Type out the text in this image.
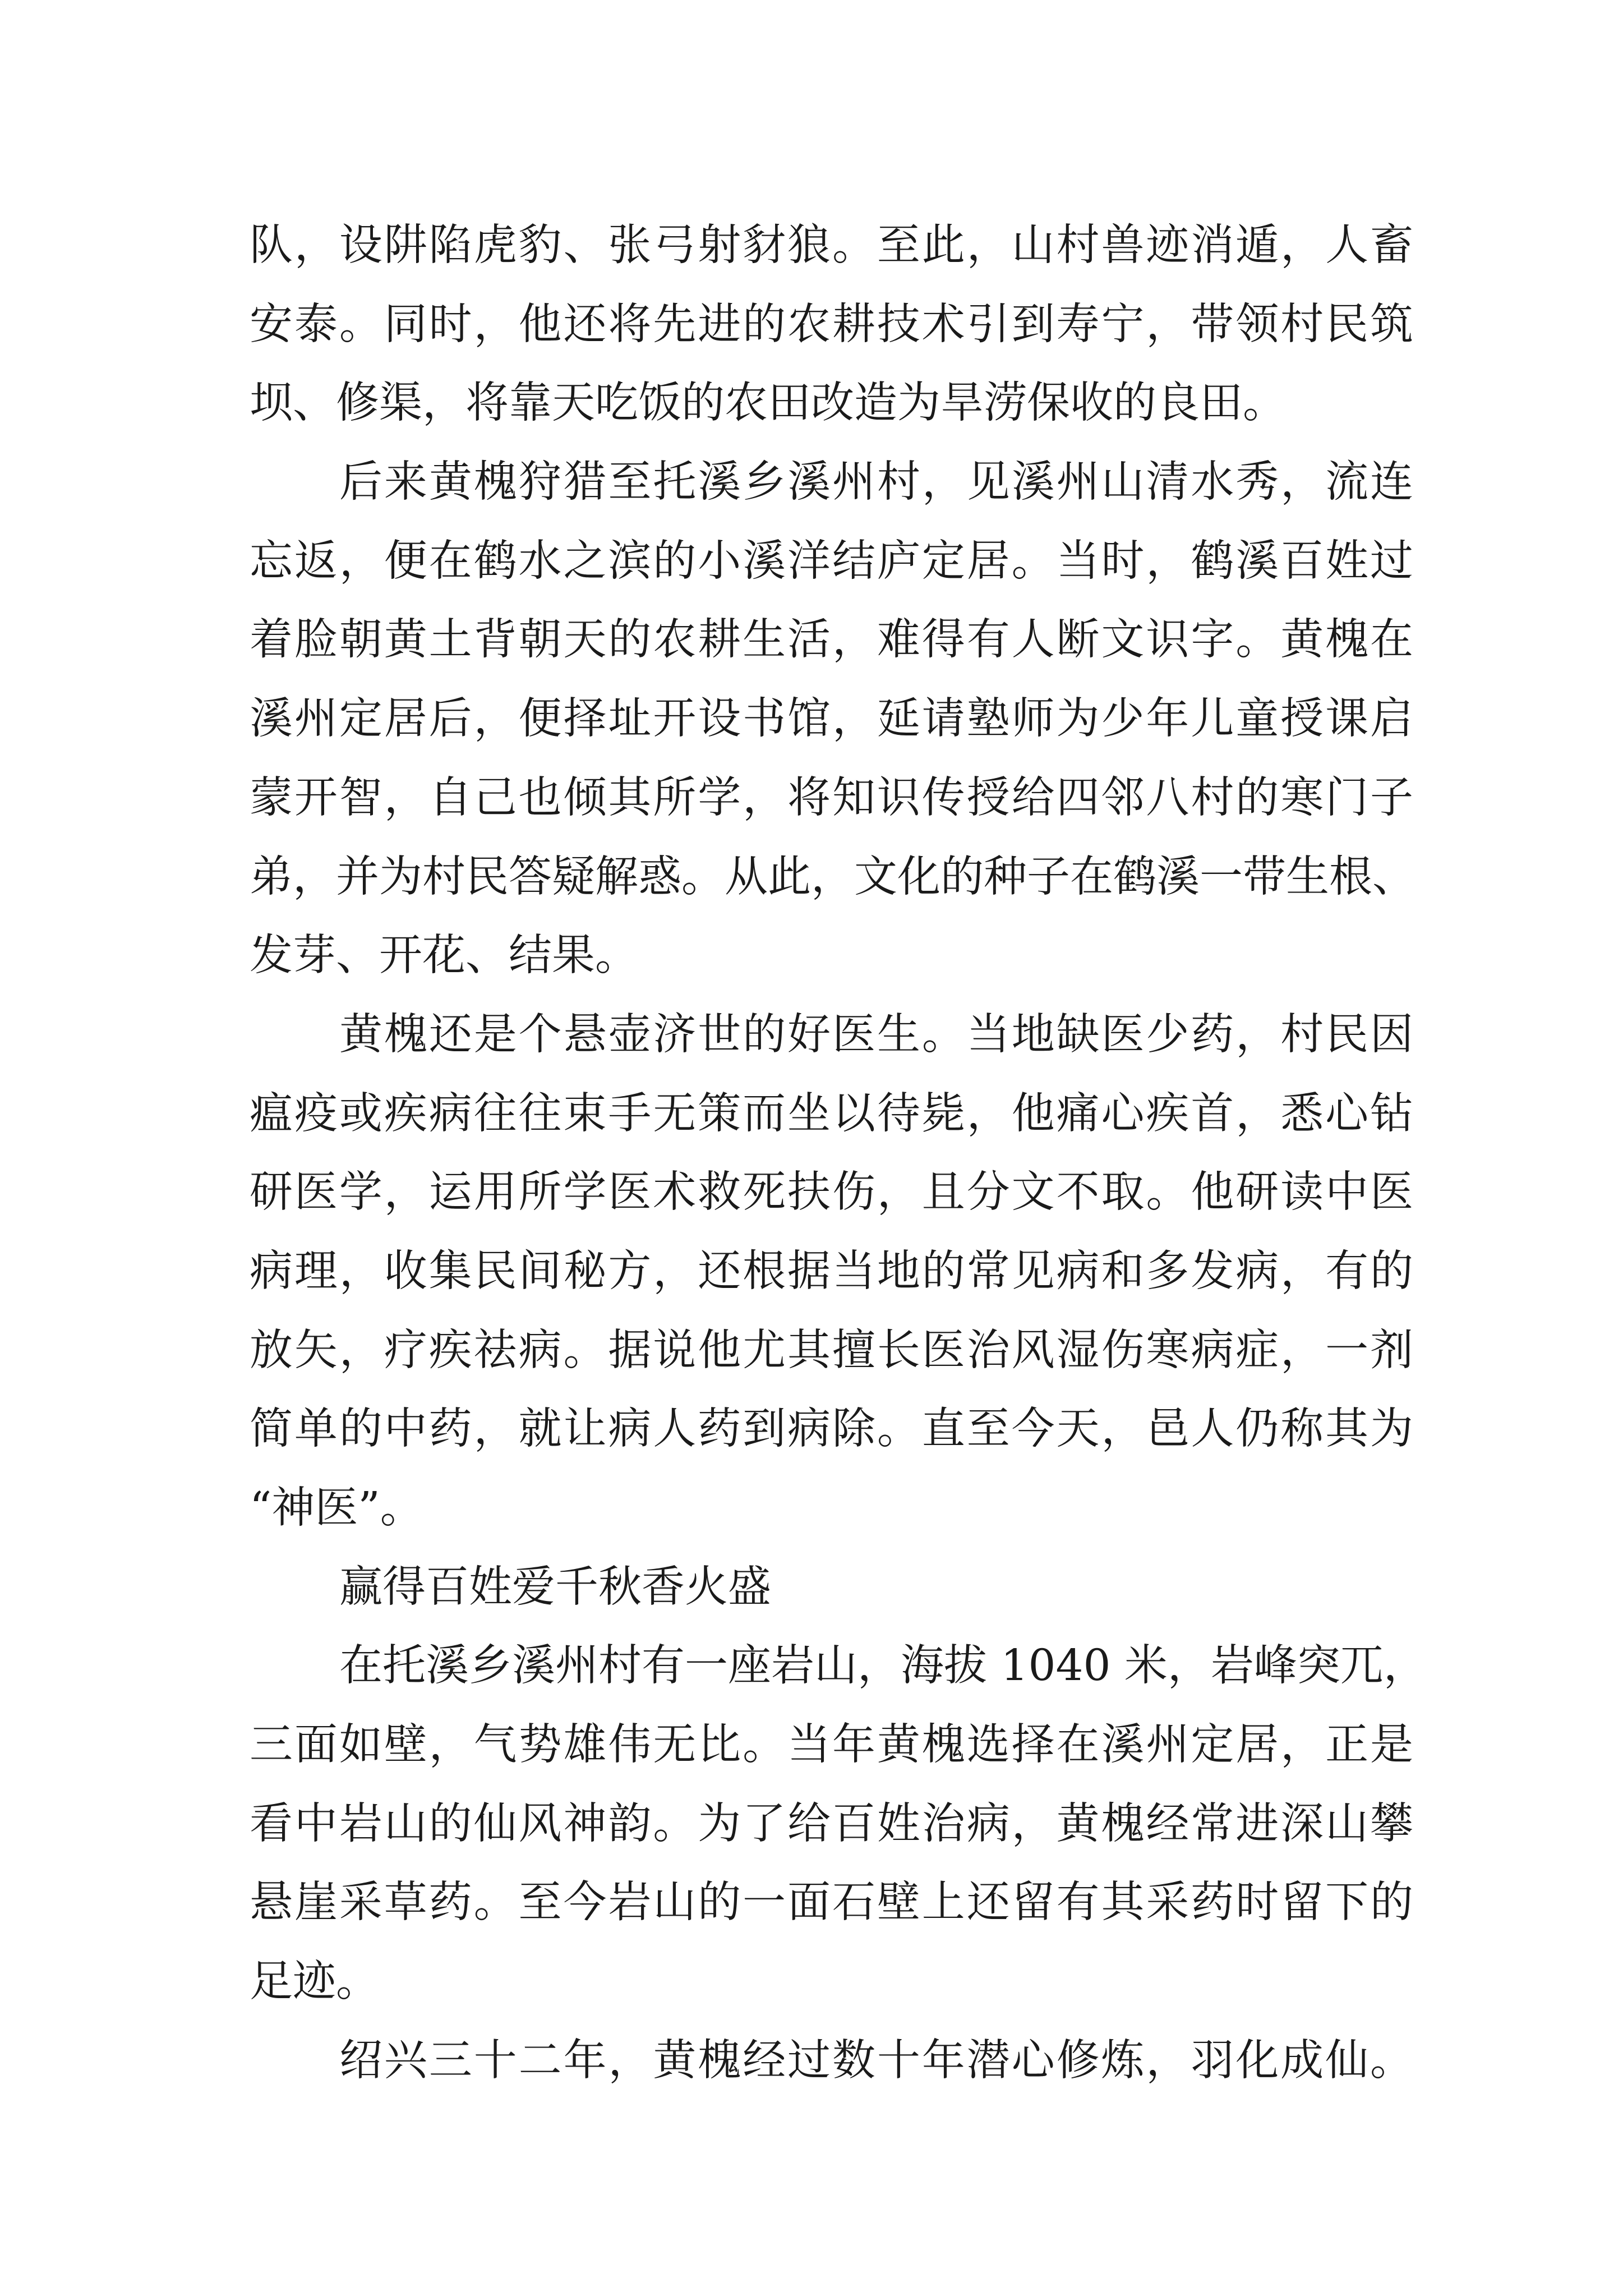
队，设阱陷虎豹、张弓射豺狼。至此，山村兽迹消遁，人畜
安泰。同时，他还将先进的农耕技术引到寿宁，带领村民筑
坝、修渠，将靠天吃饭的农田改造为旱涝保收的良田。
后来黄槐狩猎至托溪乡溪州村，见溪州山清水秀，流连
忘返，便在鹤水之滨的小溪洋结庐定居。当时，鹤溪百姓过
着脸朝黄土背朝天的农耕生活，难得有人断文识字。黄槐在
溪州定居后，便择址开设书馆，延请塾师为少年儿童授课启
蒙开智，自己也倾其所学，将知识传授给四邻八村的寒门子
弟，并为村民答疑解惑。从此，文化的种子在鹤溪一带生根、
发芽、开花、结果。
黄槐还是个悬壶济世的好医生。当地缺医少药，村民因
瘟疫或疾病往往束手无策而坐以待毙，他痛心疾首，悉心钻
研医学，运用所学医术救死扶伤，且分文不取。他研读中医
病理，收集民间秘方，还根据当地的常见病和多发病，有的
放矢，疗疾祛病。据说他尤其擅长医治风湿伤寒病症，一剂
简单的中药，就让病人药到病除。直至今天，邑人仍称其为
“神医”。
赢得百姓爱千秋香火盛
在托溪乡溪州村有一座岩山，海拔 1040 米，岩峰突兀，
三面如壁，气势雄伟无比。当年黄槐选择在溪州定居，正是
看中岩山的仙风神韵。为了给百姓治病，黄槐经常进深山攀
悬崖采草药。至今岩山的一面石壁上还留有其采药时留下的
足迹。
绍兴三十二年，黄槐经过数十年潜心修炼，羽化成仙。
